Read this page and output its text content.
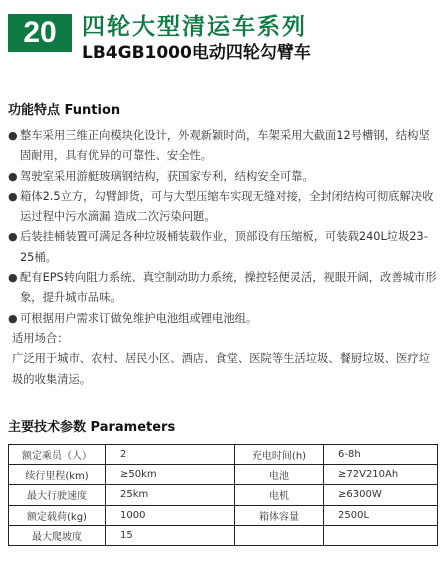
20	四轮大型清运车系列
LB4GB1000电动四轮勾臂车
功能特点 Funtion
● 整车采用三维正向模块化设计，外观新颖时尚，车架采用大截面12号槽钢，结构坚固耐用，具有优异的可靠性、安全性。
● 驾驶室采用游艇玻璃钢结构，获国家专利，结构安全可靠。
● 箱体2.5立方，勾臂卸货，可与大型压缩车实现无缝对接，全封闭结构可彻底解决收运过程中污水滴漏 造成二次污染问题。
● 后装挂桶装置可满足各种垃圾桶装载作业，顶部设有压缩板，可装载240L垃圾23-25桶。
● 配有EPS转向阻力系统、真空制动助力系统，操控轻便灵活，视眼开阔，改善城市形象，提升城市品味。
● 可根据用户需求订做免维护电池组或锂电池组。
适用场合：
广泛用于城市、农村、居民小区、酒店、食堂、医院等生活垃圾、餐厨垃圾、医疗垃圾的收集清运。
主要技术参数 Parameters
额定乘员（人）	2	充电时间(h)	6-8h
续行里程(km)	≥50km	电池	≥72V210Ah
最大行驶速度	25km	电机	≥6300W
额定载荷(kg)	1000	箱体容量	2500L
最大爬坡度	15		
